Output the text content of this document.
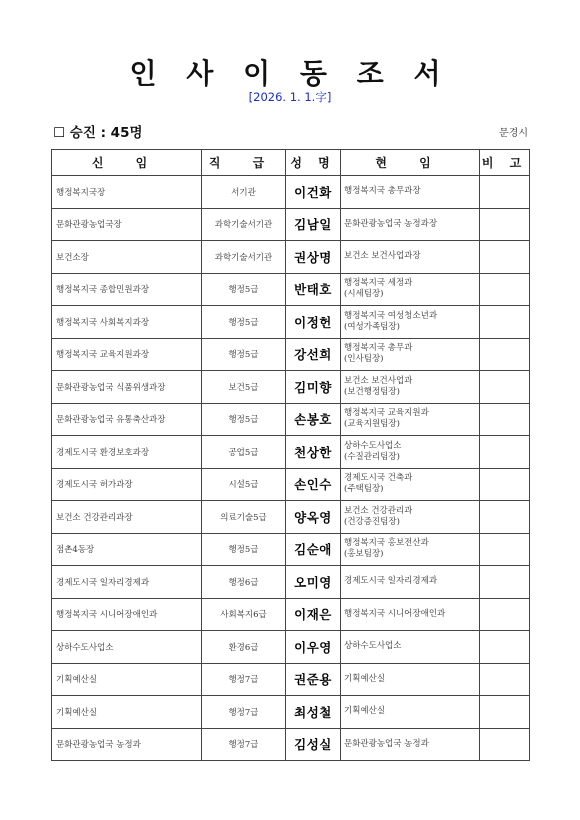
인 사 이 동 조 서
[2026. 1. 1.字]
☐ 승진 : 45명	문경시
신 임	직 급	성 명	현 임	비 고
행정복지국장	서기관	이건화	행정복지국 총무과장	

문화관광농업국장	과학기술서기관	김남일	문화관광농업국 농정과장	

보건소장	과학기술서기관	권상명	보건소 보건사업과장	

행정복지국 종합민원과장	행정5급	반태호	행정복지국 세정과
(시세팀장)	

행정복지국 사회복지과장	행정5급	이정헌	행정복지국 여성청소년과
(여성가족팀장)	

행정복지국 교육지원과장	행정5급	강선희	행정복지국 총무과
(인사팀장)	

문화관광농업국 식품위생과장	보건5급	김미향	보건소 보건사업과
(보건행정팀장)	

문화관광농업국 유통축산과장	행정5급	손봉호	행정복지국 교육지원과
(교육지원팀장)	

경제도시국 환경보호과장	공업5급	천상한	상하수도사업소
(수질관리팀장)	

경제도시국 허가과장	시설5급	손인수	경제도시국 건축과
(주택팀장)	

보건소 건강관리과장	의료기술5급	양옥영	보건소 건강관리과
(건강증진팀장)	

점촌4동장	행정5급	김순애	행정복지국 홍보전산과
(홍보팀장)	

경제도시국 일자리경제과	행정6급	오미영	경제도시국 일자리경제과	

행정복지국 시니어장애인과	사회복지6급	이재은	행정복지국 시니어장애인과	

상하수도사업소	환경6급	이우영	상하수도사업소	

기획예산실	행정7급	권준용	기획예산실	

기획예산실	행정7급	최성철	기획예산실	

문화관광농업국 농정과	행정7급	김성실	문화관광농업국 농정과	
